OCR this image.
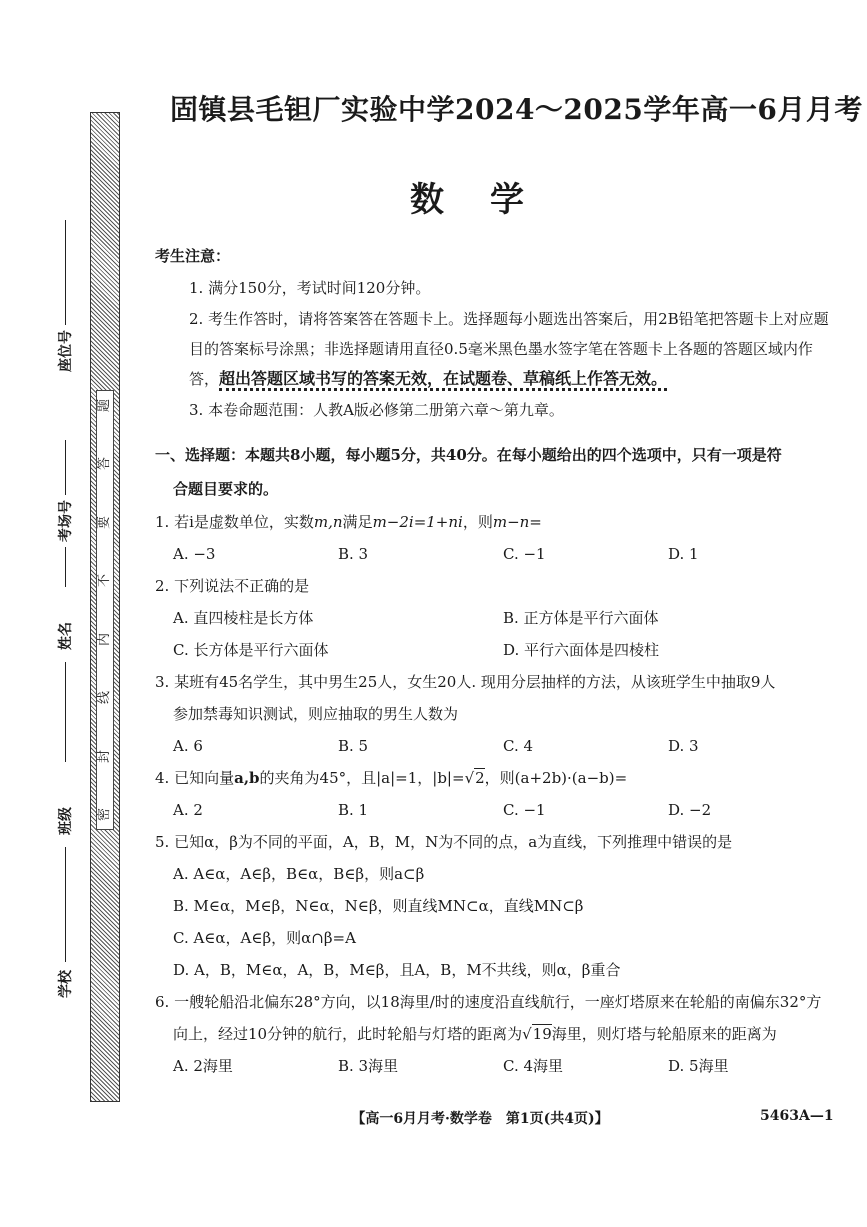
题
答
要
不
内
线
封
密
座位号
考场号
姓名
班级
学校
固镇县毛钽厂实验中学2024～2025学年高一6月月考
数学
考生注意：
1. 满分150分，考试时间120分钟。
2. 考生作答时，请将答案答在答题卡上。选择题每小题选出答案后，用2B铅笔把答题卡上对应题目的答案标号涂黑；非选择题请用直径0.5毫米黑色墨水签字笔在答题卡上各题的答题区域内作答，超出答题区域书写的答案无效，在试题卷、草稿纸上作答无效。
3. 本卷命题范围：人教A版必修第二册第六章～第九章。
一、选择题：本题共8小题，每小题5分，共40分。在每小题给出的四个选项中，只有一项是符
合题目要求的。
1. 若i是虚数单位，实数m,n满足m−2i=1+ni，则m−n=
A. −3	B. 3	C. −1	D. 1
2. 下列说法不正确的是
A. 直四棱柱是长方体	B. 正方体是平行六面体
C. 长方体是平行六面体	D. 平行六面体是四棱柱
3. 某班有45名学生，其中男生25人，女生20人. 现用分层抽样的方法，从该班学生中抽取9人
参加禁毒知识测试，则应抽取的男生人数为
A. 6	B. 5	C. 4	D. 3
4. 已知向量a,b的夹角为45°，且|a|=1，|b|=√2，则(a+2b)·(a−b)=
A. 2	B. 1	C. −1	D. −2
5. 已知α，β为不同的平面，A，B，M，N为不同的点，a为直线，下列推理中错误的是
A. A∈α，A∈β，B∈α，B∈β，则a⊂β
B. M∈α，M∈β，N∈α，N∈β，则直线MN⊂α，直线MN⊂β
C. A∈α，A∈β，则α∩β=A
D. A，B，M∈α，A，B，M∈β，且A，B，M不共线，则α，β重合
6. 一艘轮船沿北偏东28°方向，以18海里/时的速度沿直线航行，一座灯塔原来在轮船的南偏东32°方
向上，经过10分钟的航行，此时轮船与灯塔的距离为√19海里，则灯塔与轮船原来的距离为
A. 2海里	B. 3海里	C. 4海里	D. 5海里
【高一6月月考·数学卷　第1页(共4页)】	5463A—1
